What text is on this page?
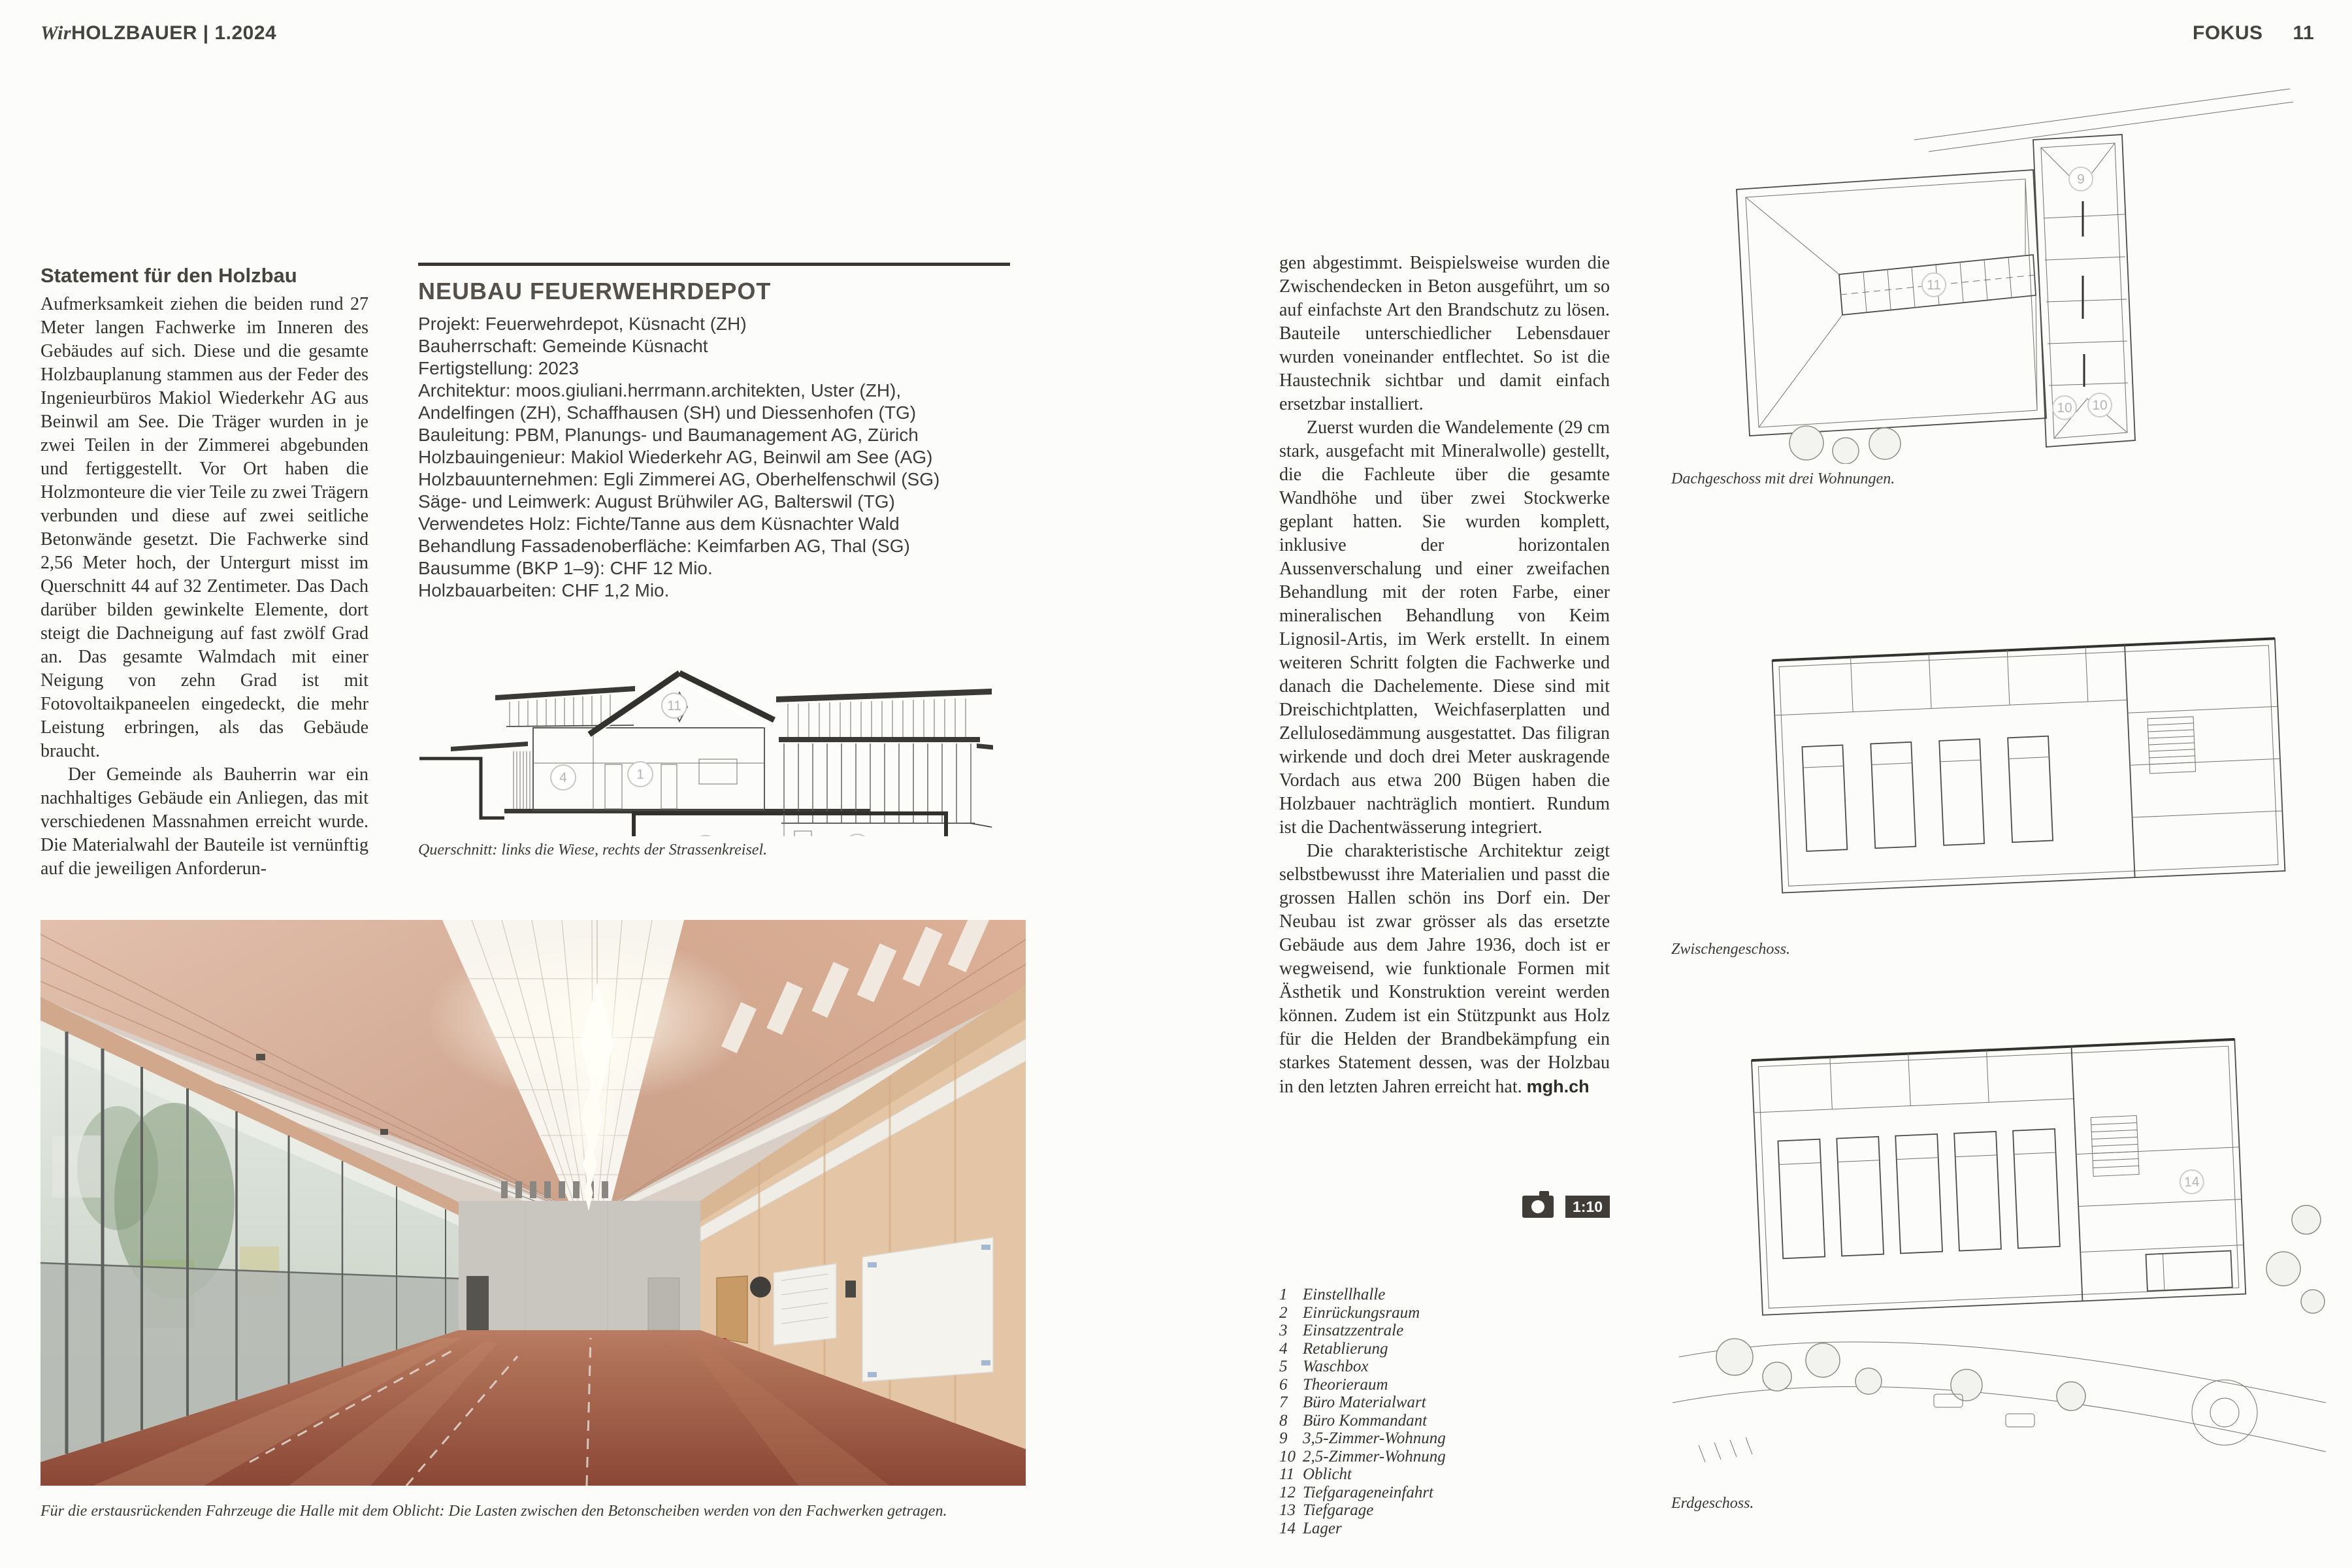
WirHOLZBAUER | 1.2024	FOKUS 11
Statement für den Holzbau

Aufmerksamkeit ziehen die beiden rund 27 Meter langen Fachwerke im Inneren des Gebäudes auf sich. Diese und die gesamte Holzbauplanung stammen aus der Feder des Ingenieurbüros Makiol Wiederkehr AG aus Beinwil am See. Die Träger wurden in je zwei Teilen in der Zimmerei abgebunden und fertiggestellt. Vor Ort haben die Holzmonteure die vier Teile zu zwei Trägern verbunden und diese auf zwei seitliche Betonwände gesetzt. Die Fachwerke sind 2,56 Meter hoch, der Untergurt misst im Querschnitt 44 auf 32 Zentimeter. Das Dach darüber bilden gewinkelte Elemente, dort steigt die Dachneigung auf fast zwölf Grad an. Das gesamte Walmdach mit einer Neigung von zehn Grad ist mit Fotovoltaikpaneelen eingedeckt, die mehr Leistung erbringen, als das Gebäude braucht.

Der Gemeinde als Bauherrin war ein nachhaltiges Gebäude ein Anliegen, das mit verschiedenen Massnahmen erreicht wurde. Die Materialwahl der Bauteile ist vernünftig auf die jeweiligen Anforderun-

NEUBAU FEUERWEHRDEPOT
Projekt: Feuerwehrdepot, Küsnacht (ZH)
Bauherrschaft: Gemeinde Küsnacht
Fertigstellung: 2023
Architektur: moos.giuliani.herrmann.architekten, Uster (ZH),
Andelfingen (ZH), Schaffhausen (SH) und Diessenhofen (TG)
Bauleitung: PBM, Planungs- und Baumanagement AG, Zürich
Holzbauingenieur: Makiol Wiederkehr AG, Beinwil am See (AG)
Holzbauunternehmen: Egli Zimmerei AG, Oberhelfenschwil (SG)
Säge- und Leimwerk: August Brühwiler AG, Balterswil (TG)
Verwendetes Holz: Fichte/Tanne aus dem Küsnachter Wald
Behandlung Fassadenoberfläche: Keimfarben AG, Thal (SG)
Bausumme (BKP 1–9): CHF 12 Mio.
Holzbauarbeiten: CHF 1,2 Mio.
11
1
4
Querschnitt: links die Wiese, rechts der Strassenkreisel.
Für die erstausrückenden Fahrzeuge die Halle mit dem Oblicht: Die Lasten zwischen den Betonscheiben werden von den Fachwerken getragen.

gen abgestimmt. Beispielsweise wurden die Zwischendecken in Beton ausgeführt, um so auf einfachste Art den Brandschutz zu lösen. Bauteile unterschiedlicher Lebensdauer wurden voneinander entflechtet. So ist die Haustechnik sichtbar und damit einfach ersetzbar installiert.

Zuerst wurden die Wandelemente (29 cm stark, ausgefacht mit Mineralwolle) gestellt, die die Fachleute über die gesamte Wandhöhe und über zwei Stockwerke geplant hatten. Sie wurden komplett, inklusive der horizontalen Aussenverschalung und einer zweifachen Behandlung mit der roten Farbe, einer mineralischen Behandlung von Keim Lignosil-Artis, im Werk erstellt. In einem weiteren Schritt folgten die Fachwerke und danach die Dachelemente. Diese sind mit Dreischichtplatten, Weichfaserplatten und Zellulosedämmung ausgestattet. Das filigran wirkende und doch drei Meter auskragende Vordach aus etwa 200 Bügen haben die Holzbauer nachträglich montiert. Rundum ist die Dachentwässerung integriert.

Die charakteristische Architektur zeigt selbstbewusst ihre Materialien und passt die grossen Hallen schön ins Dorf ein. Der Neubau ist zwar grösser als das ersetzte Gebäude aus dem Jahre 1936, doch ist er wegweisend, wie funktionale Formen mit Ästhetik und Konstruktion vereint werden können. Zudem ist ein Stützpunkt aus Holz für die Helden der Brandbekämpfung ein starkes Statement dessen, was der Holzbau in den letzten Jahren erreicht hat. mgh.ch

1:10
1 Einstellhalle
2 Einrückungsraum
3 Einsatzzentrale
4 Retablierung
5 Waschbox
6 Theorieraum
7 Büro Materialwart
8 Büro Kommandant
9 3,5-Zimmer-Wohnung
10 2,5-Zimmer-Wohnung
11 Oblicht
12 Tiefgarageneinfahrt
13 Tiefgarage
14 Lager
11
9
10 10
Dachgeschoss mit drei Wohnungen.
Zwischengeschoss.
14
Erdgeschoss.
